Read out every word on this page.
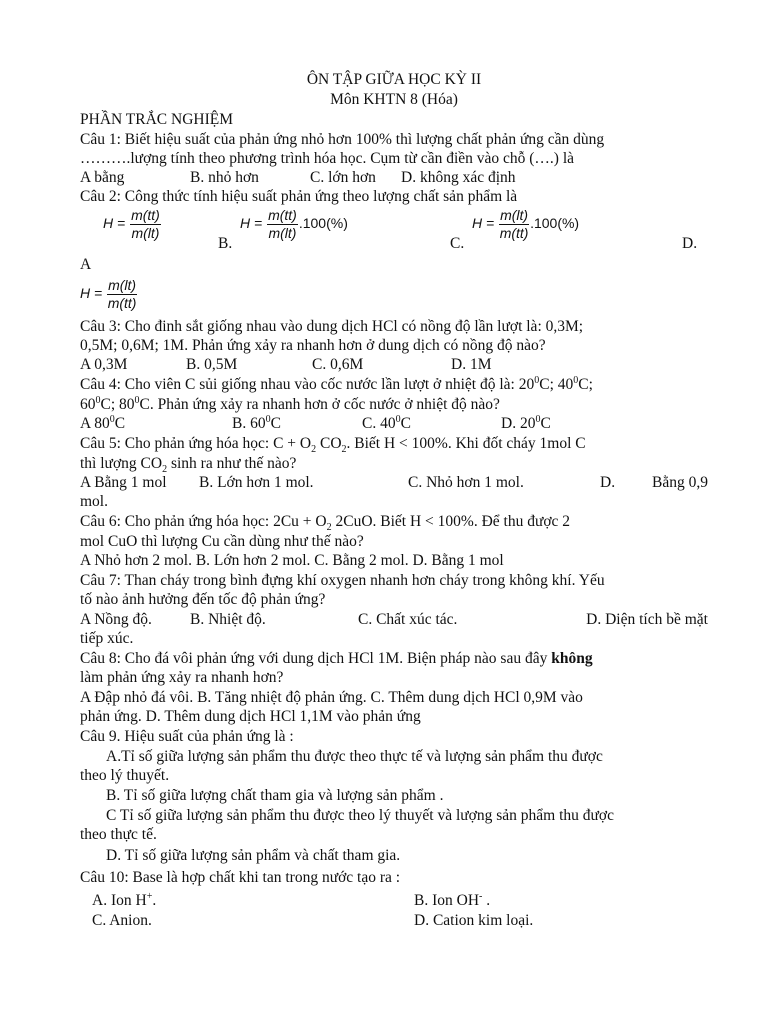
ÔN TẬP GIỮA HỌC KỲ II
Môn KHTN 8 (Hóa)
PHẦN TRẮC NGHIỆM
Câu 1: Biết hiệu suất của phản ứng nhỏ hơn 100% thì lượng chất phản ứng cần dùng
……….lượng tính theo phương trình hóa học. Cụm từ cần điền vào chỗ (….) là
A bằng	B. nhỏ hơn	C. lớn hơn D. không xác định
Câu 2: Công thức tính hiệu suất phản ứng theo lượng chất sản phẩm là
$H = \frac{m(tt)}{m(lt)}$
B.
$H = \frac{m(tt)}{m(lt)} .100(\%)$
C.
$H = \frac{m(lt)}{m(tt)} .100(\%)$
D.
A
$H = \frac{m(lt)}{m(tt)}$
Câu 3: Cho đinh sắt giống nhau vào dung dịch HCl có nồng độ lần lượt là: 0,3M;
0,5M; 0,6M; 1M. Phản ứng xảy ra nhanh hơn ở dung dịch có nồng độ nào?
A 0,3M	B. 0,5M	C. 0,6M	D. 1M
Câu 4: Cho viên C sủi giống nhau vào cốc nước lần lượt ở nhiệt độ là: $20^0C$; $40^0C$;
$60^0C$; $80^0C$. Phản ứng xảy ra nhanh hơn ở cốc nước ở nhiệt độ nào?
A $80^0C$	B. $60^0C$	C. $40^0C$	D. $20^0C$
Câu 5: Cho phản ứng hóa học: $C + O_2$ $CO_2$. Biết H < 100%. Khi đốt cháy 1mol C
thì lượng $CO_2$ sinh ra như thế nào?
A Bằng 1 mol B. Lớn hơn 1 mol.	C. Nhỏ hơn 1 mol.	D. Bằng 0,9
mol.
Câu 6: Cho phản ứng hóa học: $2Cu + O_2$ 2CuO. Biết H < 100%. Để thu được 2
mol CuO thì lượng Cu cần dùng như thế nào?
A Nhỏ hơn 2 mol. B. Lớn hơn 2 mol. C. Bằng 2 mol. D. Bằng 1 mol
Câu 7: Than cháy trong bình đựng khí oxygen nhanh hơn cháy trong không khí. Yếu
tố nào ảnh hưởng đến tốc độ phản ứng?
A Nồng độ. B. Nhiệt độ.	C. Chất xúc tác.	D. Diện tích bề mặt
tiếp xúc.
Câu 8: Cho đá vôi phản ứng với dung dịch HCl 1M. Biện pháp nào sau đây không
làm phản ứng xảy ra nhanh hơn?
A Đập nhỏ đá vôi. B. Tăng nhiệt độ phản ứng. C. Thêm dung dịch HCl 0,9M vào
phản ứng. D. Thêm dung dịch HCl 1,1M vào phản ứng
Câu 9. Hiệu suất của phản ứng là :
A.Tỉ số giữa lượng sản phẩm thu được theo thực tế và lượng sản phẩm thu được
theo lý thuyết.
B. Tỉ số giữa lượng chất tham gia và lượng sản phẩm .
C Tỉ số giữa lượng sản phẩm thu được theo lý thuyết và lượng sản phẩm thu được
theo thực tế.
D. Tỉ số giữa lượng sản phẩm và chất tham gia.
Câu 10: Base là hợp chất khi tan trong nước tạo ra :
A. Ion H+.	B. Ion OH- .
C. Anion.	D. Cation kim loại.
